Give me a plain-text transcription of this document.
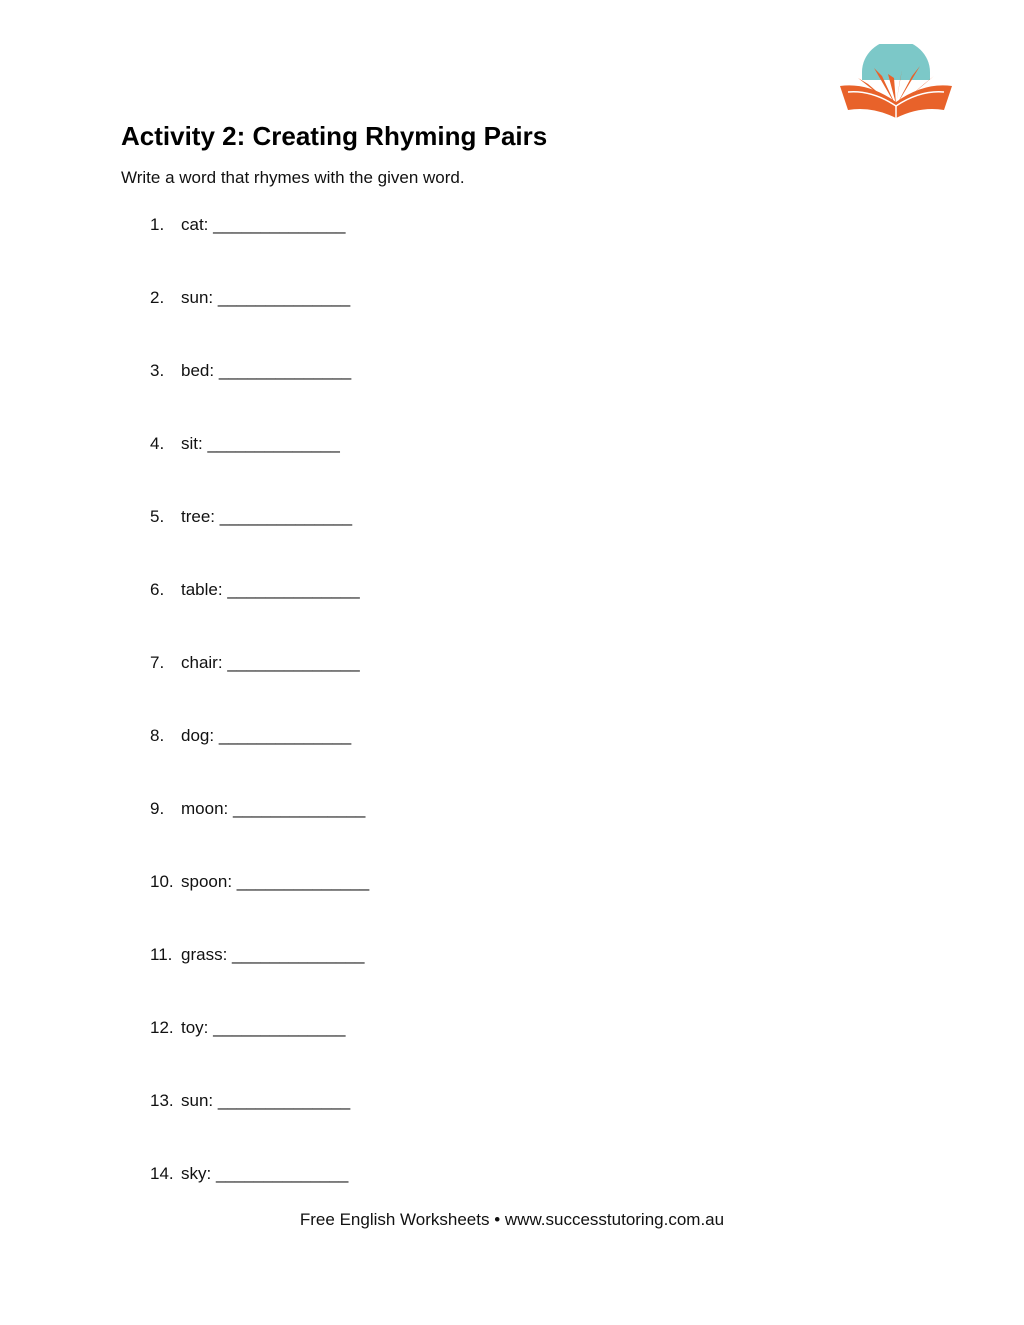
Activity 2: Creating Rhyming Pairs

Write a word that rhymes with the given word.

1. cat: ______________
2. sun: ______________
3. bed: ______________
4. sit: ______________
5. tree: ______________
6. table: ______________
7. chair: ______________
8. dog: ______________
9. moon: ______________
10. spoon: ______________
11. grass: ______________
12. toy: ______________
13. sun: ______________
14. sky: ______________

Free English Worksheets • www.successtutoring.com.au
